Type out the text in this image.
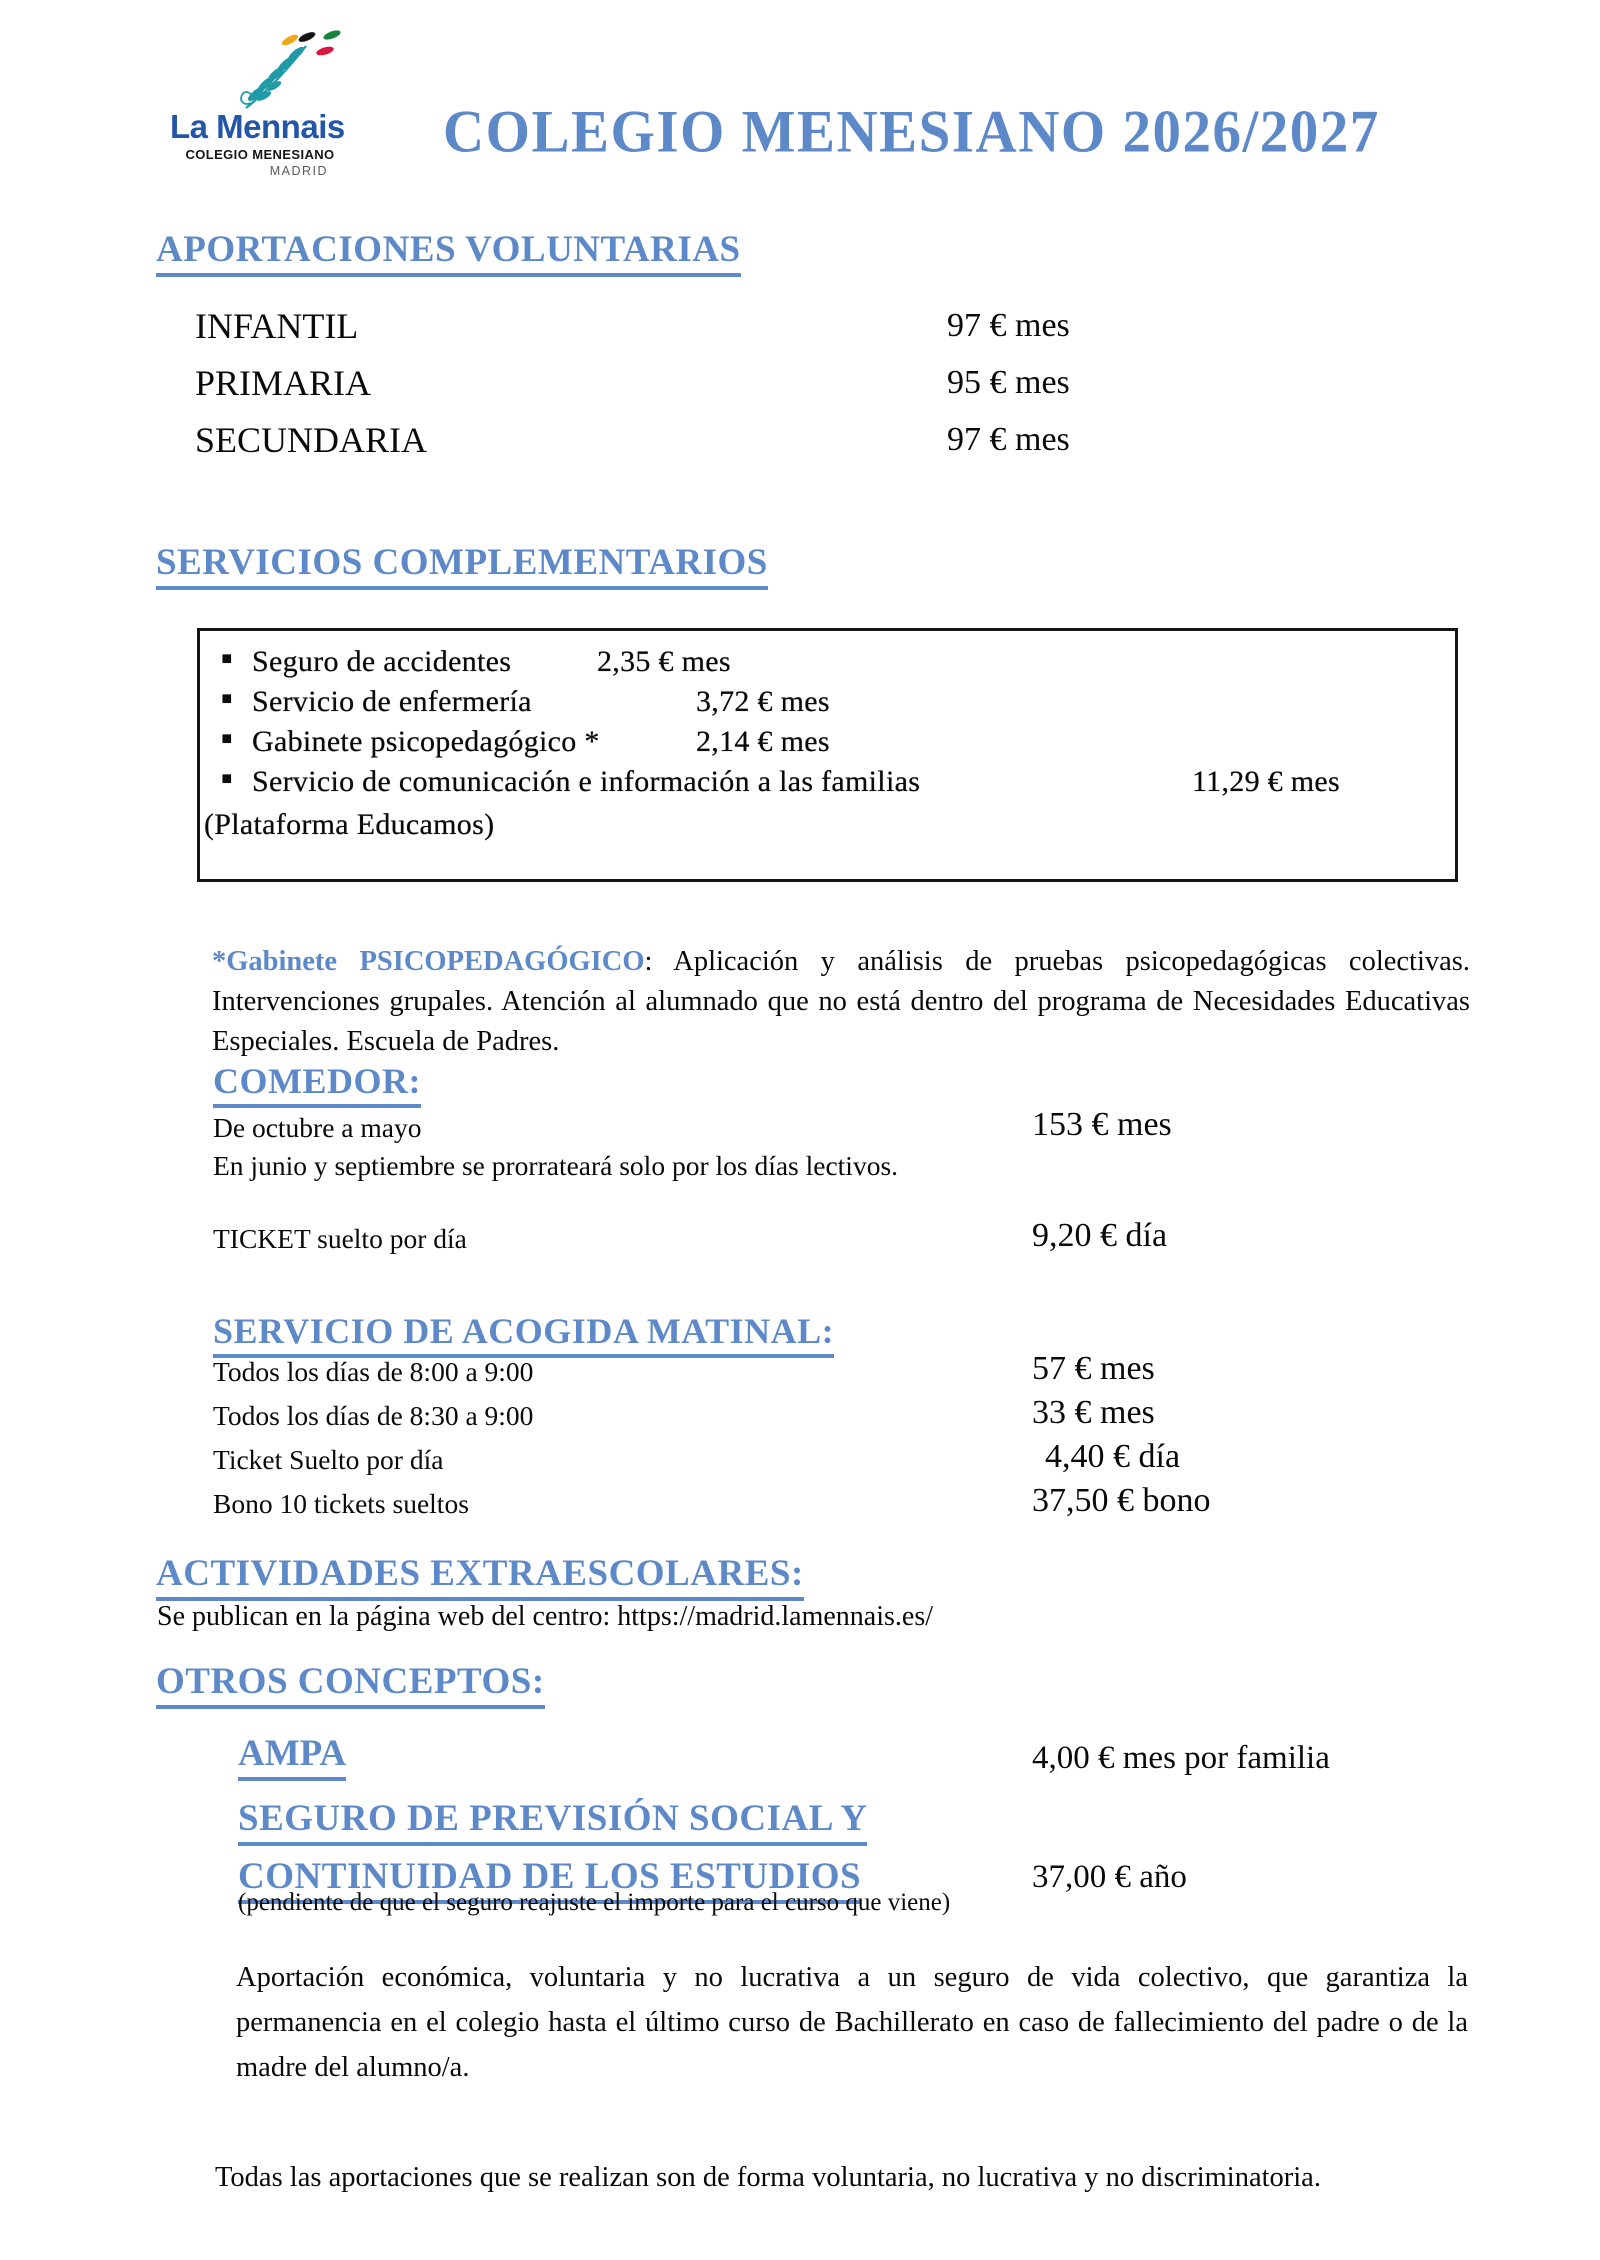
La Mennais
COLEGIO MENESIANO
MADRID
COLEGIO MENESIANO 2026/2027
APORTACIONES VOLUNTARIAS
INFANTIL	97 € mes
PRIMARIA	95 € mes
SECUNDARIA	97 € mes
SERVICIOS COMPLEMENTARIOS
▪ Seguro de accidentes	2,35 € mes
▪ Servicio de enfermería	3,72 € mes
▪ Gabinete psicopedagógico *	2,14 € mes
▪ Servicio de comunicación e información a las familias	11,29 € mes
(Plataforma Educamos)

*Gabinete PSICOPEDAGÓGICO: Aplicación y análisis de pruebas psicopedagógicas colectivas. Intervenciones grupales. Atención al alumnado que no está dentro del programa de Necesidades Educativas Especiales. Escuela de Padres.

COMEDOR:
De octubre a mayo	153 € mes
En junio y septiembre se prorrateará solo por los días lectivos.
TICKET suelto por día	9,20 € día
SERVICIO DE ACOGIDA MATINAL:
Todos los días de 8:00 a 9:00	57 € mes
Todos los días de 8:30 a 9:00	33 € mes
Ticket Suelto por día	4,40 € día
Bono 10 tickets sueltos	37,50 € bono
ACTIVIDADES EXTRAESCOLARES:
Se publican en la página web del centro: https://madrid.lamennais.es/
OTROS CONCEPTOS:
AMPA	4,00 € mes por familia
SEGURO DE PREVISIÓN SOCIAL Y
CONTINUIDAD DE LOS ESTUDIOS	37,00 € año
(pendiente de que el seguro reajuste el importe para el curso que viene)

Aportación económica, voluntaria y no lucrativa a un seguro de vida colectivo, que garantiza la permanencia en el colegio hasta el último curso de Bachillerato en caso de fallecimiento del padre o de la madre del alumno/a.

Todas las aportaciones que se realizan son de forma voluntaria, no lucrativa y no discriminatoria.
